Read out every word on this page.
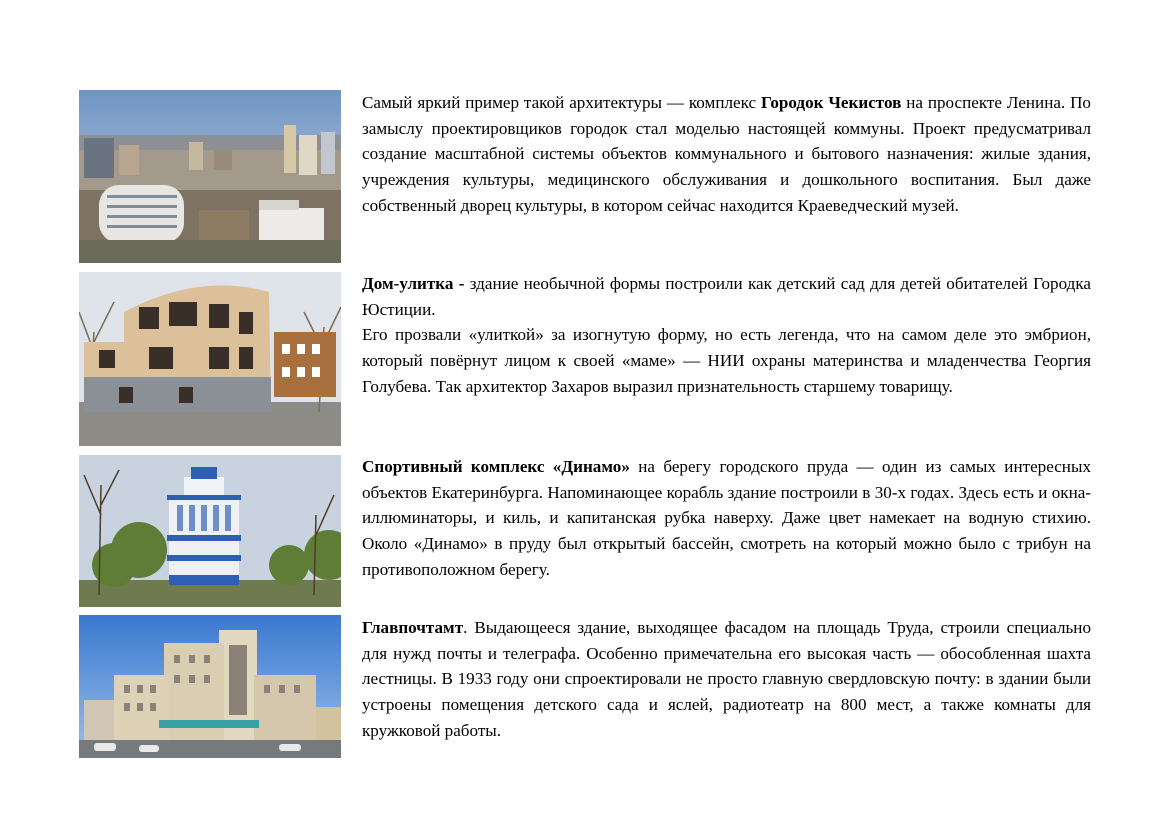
Самый яркий пример такой архитектуры — комплекс Городок Чекистов на проспекте Ленина. По замыслу проектировщиков городок стал моделью настоящей коммуны. Проект предусматривал создание масштабной системы объектов коммунального и бытового назначения: жилые здания, учреждения культуры, медицинского обслуживания и дошкольного воспитания. Был даже собственный дворец культуры, в котором сейчас находится Краеведческий музей.

Дом-улитка - здание необычной формы построили как детский сад для детей обитателей Городка Юстиции.

Его прозвали «улиткой» за изогнутую форму, но есть легенда, что на самом деле это эмбрион, который повёрнут лицом к своей «маме» — НИИ охраны материнства и младенчества Георгия Голубева. Так архитектор Захаров выразил признательность старшему товарищу.

Спортивный комплекс «Динамо» на берегу городского пруда — один из самых интересных объектов Екатеринбурга. Напоминающее корабль здание построили в 30-х годах. Здесь есть и окна-иллюминаторы, и киль, и капитанская рубка наверху. Даже цвет намекает на водную стихию. Около «Динамо» в пруду был открытый бассейн, смотреть на который можно было с трибун на противоположном берегу.

Главпочтамт. Выдающееся здание, выходящее фасадом на площадь Труда, строили специально для нужд почты и телеграфа. Особенно примечательна его высокая часть — обособленная шахта лестницы. В 1933 году они спроектировали не просто главную свердловскую почту: в здании были устроены помещения детского сада и яслей, радиотеатр на 800 мест, а также комнаты для кружковой работы.
